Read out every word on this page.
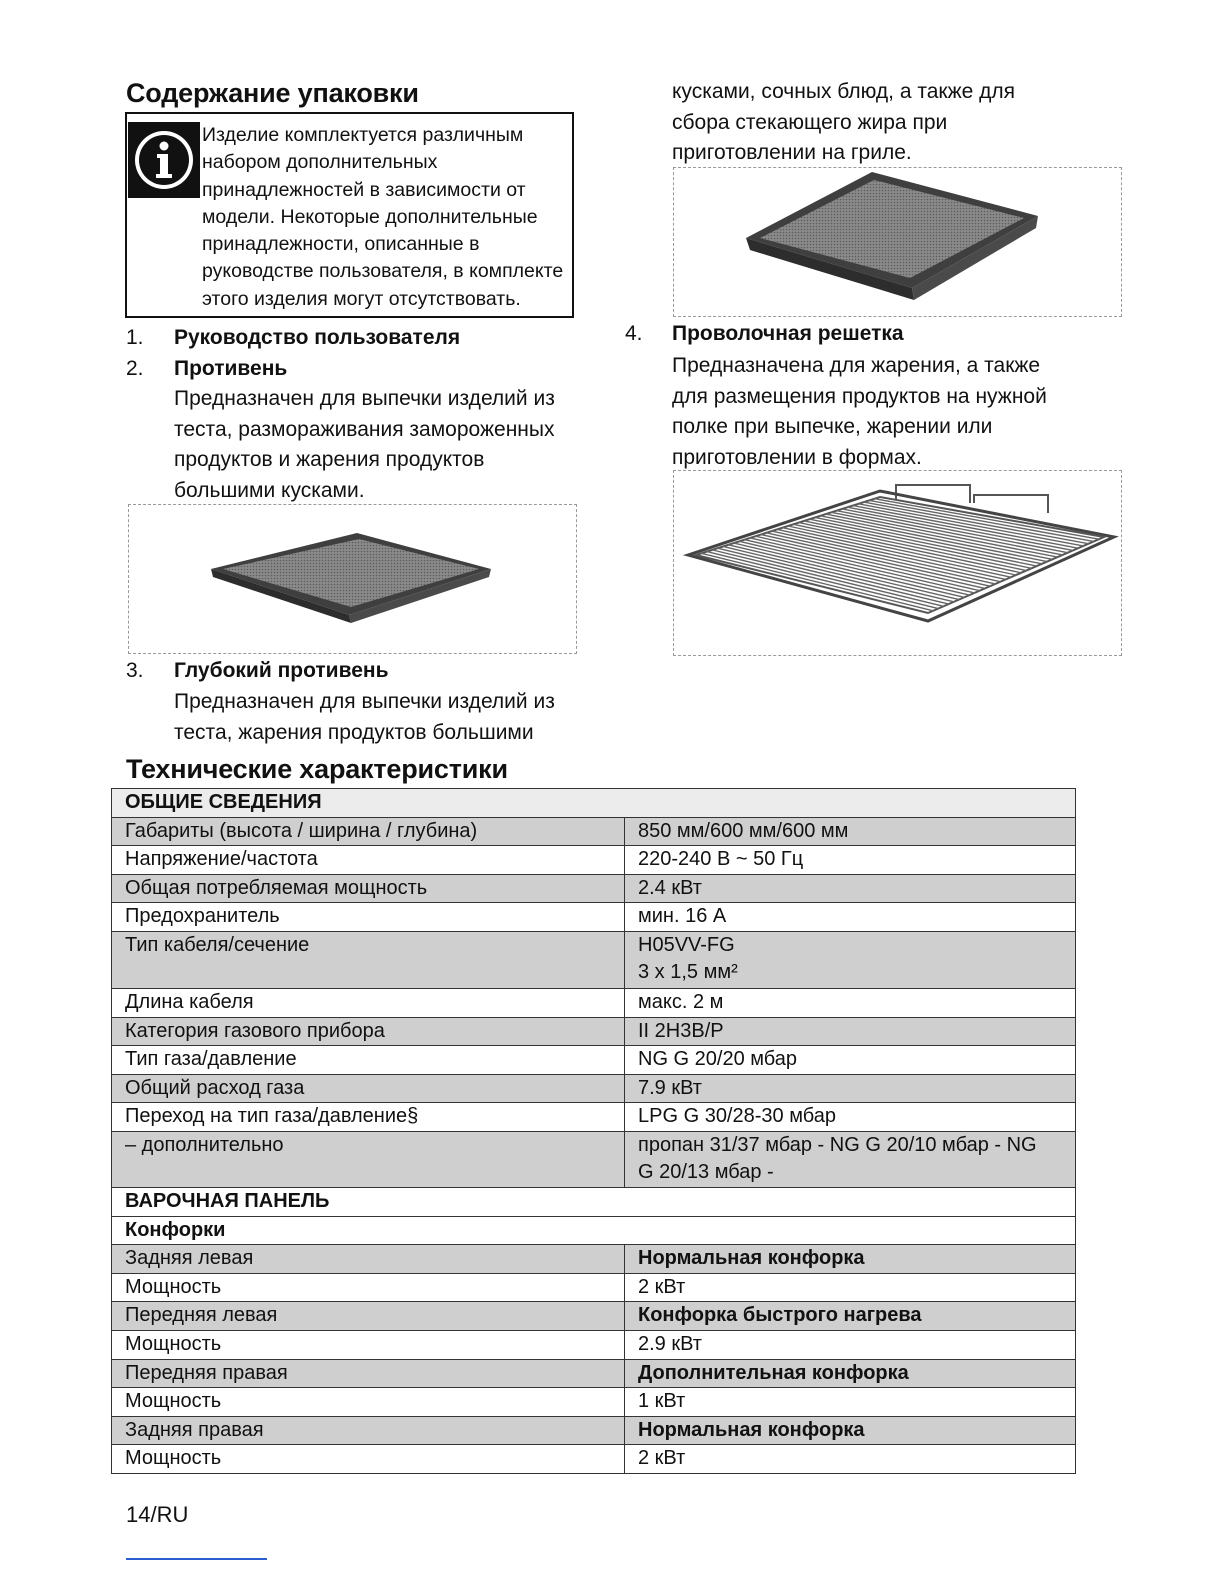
Содержание упаковки
Изделие комплектуется различным
набором дополнительных
принадлежностей в зависимости от
модели. Некоторые дополнительные
принадлежности, описанные в
руководстве пользователя, в комплекте
этого изделия могут отсутствовать.
1. Руководство пользователя
2. Противень
Предназначен для выпечки изделий из
теста, размораживания замороженных
продуктов и жарения продуктов
большими кусками.
3. Глубокий противень
Предназначен для выпечки изделий из
теста, жарения продуктов большими
кусками, сочных блюд, а также для
сбора стекающего жира при
приготовлении на гриле.
4. Проволочная решетка
Предназначена для жарения, а также
для размещения продуктов на нужной
полке при выпечке, жарении или
приготовлении в формах.
Технические характеристики
ОБЩИЕ СВЕДЕНИЯ	
Габариты (высота / ширина / глубина)	850 мм/600 мм/600 мм
Напряжение/частота	220-240 В ~ 50 Гц
Общая потребляемая мощность	2.4 кВт
Предохранитель	мин. 16 А
Тип кабеля/сечение	H05VV-FG
3 x 1,5 мм²

Длина кабеля	макс. 2 м
Категория газового прибора	II 2H3B/P
Тип газа/давление	NG G 20/20 мбар
Общий расход газа	7.9 кВт
Переход на тип газа/давление§	LPG G 30/28-30 мбар
– дополнительно	пропан 31/37 мбар - NG G 20/10 мбар - NG
G 20/13 мбар -

ВАРОЧНАЯ ПАНЕЛЬ	
Конфорки	
Задняя левая	Нормальная конфорка
Мощность	2 кВт
Передняя левая	Конфорка быстрого нагрева
Мощность	2.9 кВт
Передняя правая	Дополнительная конфорка
Мощность	1 кВт
Задняя правая	Нормальная конфорка
Мощность	2 кВт
14/RU
